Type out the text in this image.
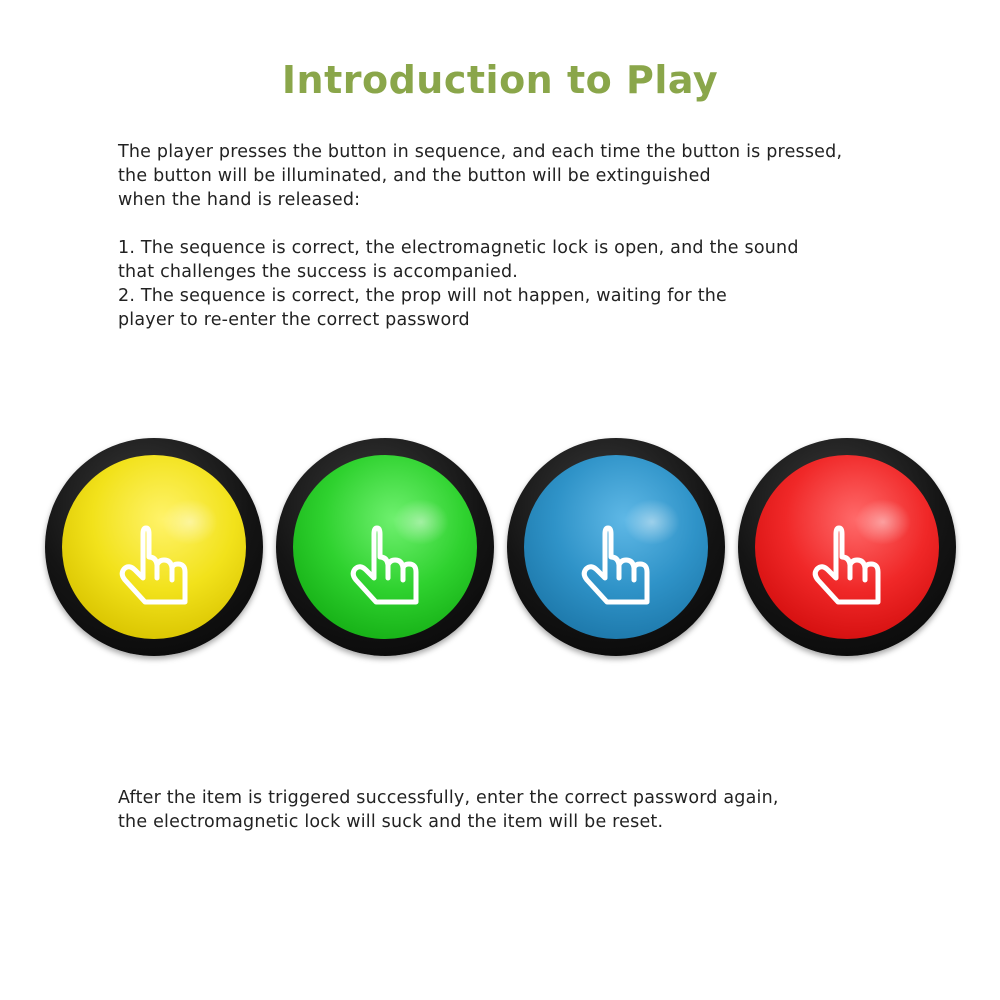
Introduction to Play
The player presses the button in sequence, and each time the button is pressed,
the button will be illuminated, and the button will be extinguished
when the hand is released:
1. The sequence is correct, the electromagnetic lock is open, and the sound
that challenges the success is accompanied.
2. The sequence is correct, the prop will not happen, waiting for the
player to re-enter the correct password
After the item is triggered successfully, enter the correct password again,
the electromagnetic lock will suck and the item will be reset.
